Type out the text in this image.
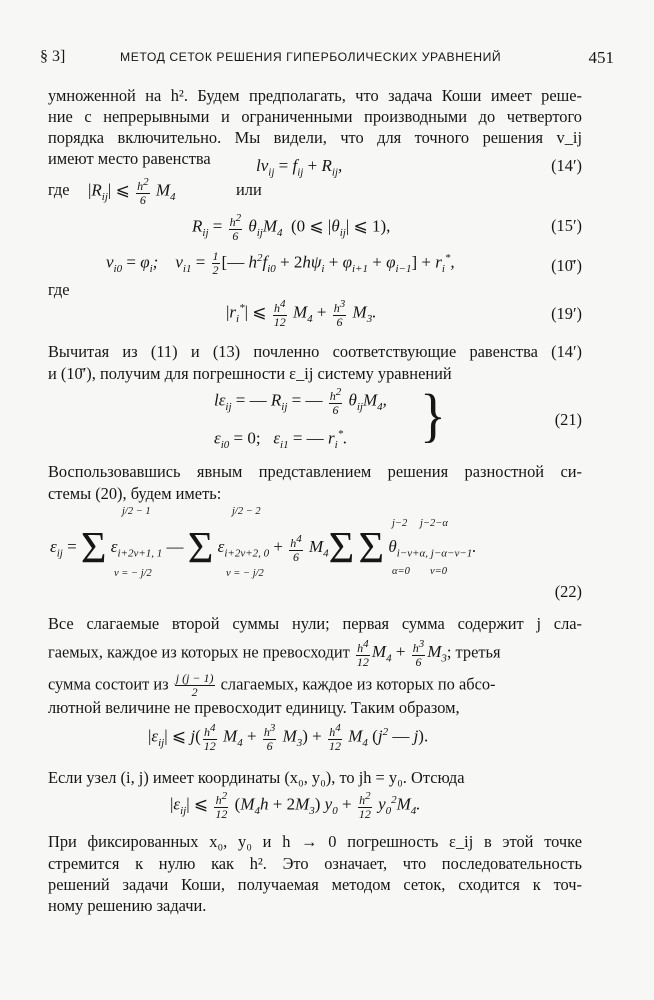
§ 3]	МЕТОД СЕТОК РЕШЕНИЯ ГИПЕРБОЛИЧЕСКИХ УРАВНЕНИЙ	451
умноженной на h². Будем предполагать, что задача Коши имеет реше-
ние с непрерывными и ограниченными производными до четвертого
порядка включительно. Мы видели, что для точного решения v_ij
имеют место равенства	$lv_{ij} = f_{ij} + R_{ij}$,	(14′)
где	$|R_{ij}|$ ⩽ $\frac{h^2}{6} M_4$	или
$R_{ij} = \frac{h^2}{6} \theta_{ij}M_4$  (0 ⩽ $|\theta_{ij}|$ ⩽ 1),	(15′)
$v_{i0} = \varphi_i$;    $v_{i1} = \frac{1}{2}$ [— $h^2f_{i0} + 2h\psi_i + \varphi_{i+1} + \varphi_{i-1}] + r_i^*$,	(10̄′)
где
$|r_i^*|$ ⩽ $\frac{h^4}{12} M_4 + \frac{h^3}{6} M_3$.	(19′)
Вычитая из (11) и (13) почленно соответствующие равенства (14′)
и (10̄′), получим для погрешности ε_ij систему уравнений
$l\varepsilon_{ij}$ = — $R_{ij}$ = — $\frac{h^2}{6} \theta_{ij}M_4$,
$\varepsilon_{i0} = 0$;   $\varepsilon_{i1}$ = — $r_i^*$. }	(21)
Воспользовавшись явным представлением решения разностной си-
стемы (20), будем иметь:
$\varepsilon_{ij} = \Sigma$ $\varepsilon_{i+2\nu+1, 1}$ — Σ $\varepsilon_{i+2\nu+2, 0} + \frac{h^4}{6} M_4\Sigma$ Σ $\theta_{i-\nu+\alpha, j-\alpha-\nu-1}$.
j/2 − 1
ν = − j/2
j/2 − 2
ν = − j/2
j−2
α=0
j−2−α
ν=0
(22)
Все слагаемые второй суммы нули; первая сумма содержит j сла-
гаемых, каждое из которых не превосходит $\frac{h^4}{12} M_4 + \frac{h^3}{6} M_3$; третья
сумма состоит из $\frac{j (j - 1)}{2}$ слагаемых, каждое из которых по абсо-
лютной величине не превосходит единицу. Таким образом,
$|\varepsilon_{ij}|$ ⩽ $j( \frac{h^4}{12} M_4 + \frac{h^3}{6} M_3) + \frac{h^4}{12} M_4$ ($j^2$ — j).
Если узел (i, j) имеет координаты (x₀, y₀), то jh = y₀. Отсюда
$|\varepsilon_{ij}|$ ⩽ $\frac{h^2}{12} (M_4h + 2M_3) y_0 + \frac{h^2}{12} y_0^2M_4$.
При фиксированных x₀, y₀ и h → 0 погрешность ε_ij в этой точке
стремится к нулю как h². Это означает, что последовательность
решений задачи Коши, получаемая методом сеток, сходится к точ-
ному решению задачи.
